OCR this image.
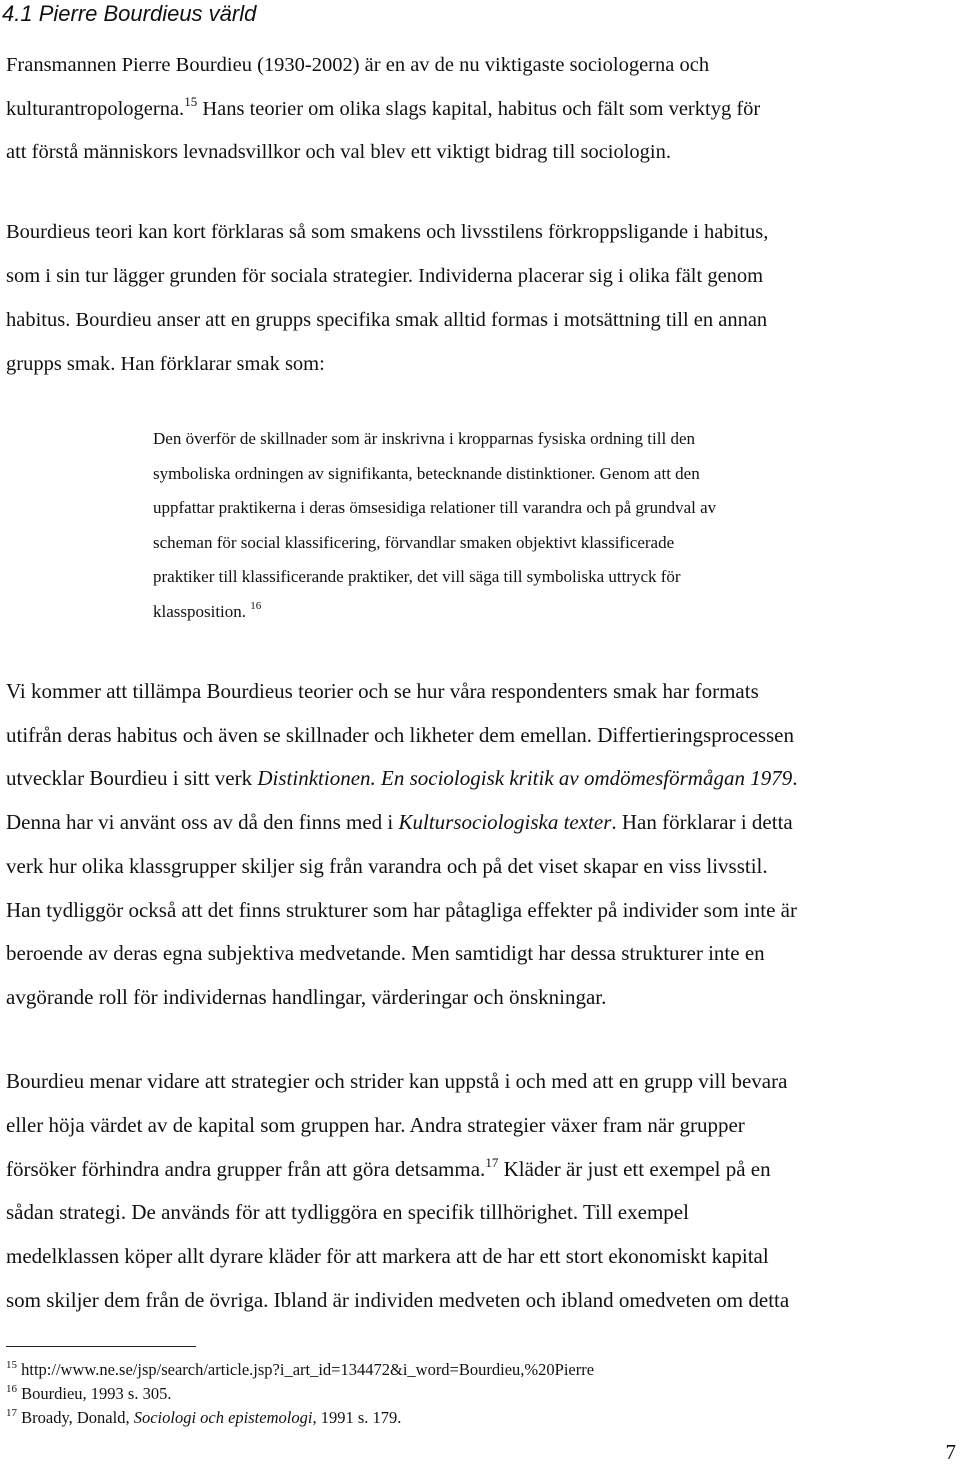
4.1 Pierre Bourdieus värld

Fransmannen Pierre Bourdieu (1930-2002) är en av de nu viktigaste sociologerna och
kulturantropologerna.$^{15}$ Hans teorier om olika slags kapital, habitus och fält som verktyg för
att förstå människors levnadsvillkor och val blev ett viktigt bidrag till sociologin.

Bourdieus teori kan kort förklaras så som smakens och livsstilens förkroppsligande i habitus,
som i sin tur lägger grunden för sociala strategier. Individerna placerar sig i olika fält genom
habitus. Bourdieu anser att en grupps specifika smak alltid formas i motsättning till en annan
grupps smak. Han förklarar smak som:

Den överför de skillnader som är inskrivna i kropparnas fysiska ordning till den
symboliska ordningen av signifikanta, betecknande distinktioner. Genom att den
uppfattar praktikerna i deras ömsesidiga relationer till varandra och på grundval av
scheman för social klassificering, förvandlar smaken objektivt klassificerade
praktiker till klassificerande praktiker, det vill säga till symboliska uttryck för
klassposition. $^{16}$

Vi kommer att tillämpa Bourdieus teorier och se hur våra respondenters smak har formats
utifrån deras habitus och även se skillnader och likheter dem emellan. Differtieringsprocessen
utvecklar Bourdieu i sitt verk Distinktionen. En sociologisk kritik av omdömesförmågan 1979.
Denna har vi använt oss av då den finns med i Kultursociologiska texter. Han förklarar i detta
verk hur olika klassgrupper skiljer sig från varandra och på det viset skapar en viss livsstil.
Han tydliggör också att det finns strukturer som har påtagliga effekter på individer som inte är
beroende av deras egna subjektiva medvetande. Men samtidigt har dessa strukturer inte en
avgörande roll för individernas handlingar, värderingar och önskningar.

Bourdieu menar vidare att strategier och strider kan uppstå i och med att en grupp vill bevara
eller höja värdet av de kapital som gruppen har. Andra strategier växer fram när grupper
försöker förhindra andra grupper från att göra detsamma.$^{17}$ Kläder är just ett exempel på en
sådan strategi. De används för att tydliggöra en specifik tillhörighet. Till exempel
medelklassen köper allt dyrare kläder för att markera att de har ett stort ekonomiskt kapital
som skiljer dem från de övriga. Ibland är individen medveten och ibland omedveten om detta

$^{15}$ http://www.ne.se/jsp/search/article.jsp?i_art_id=134472&i_word=Bourdieu,%20Pierre
$^{16}$ Bourdieu, 1993 s. 305.
$^{17}$ Broady, Donald, Sociologi och epistemologi, 1991 s. 179.
7
